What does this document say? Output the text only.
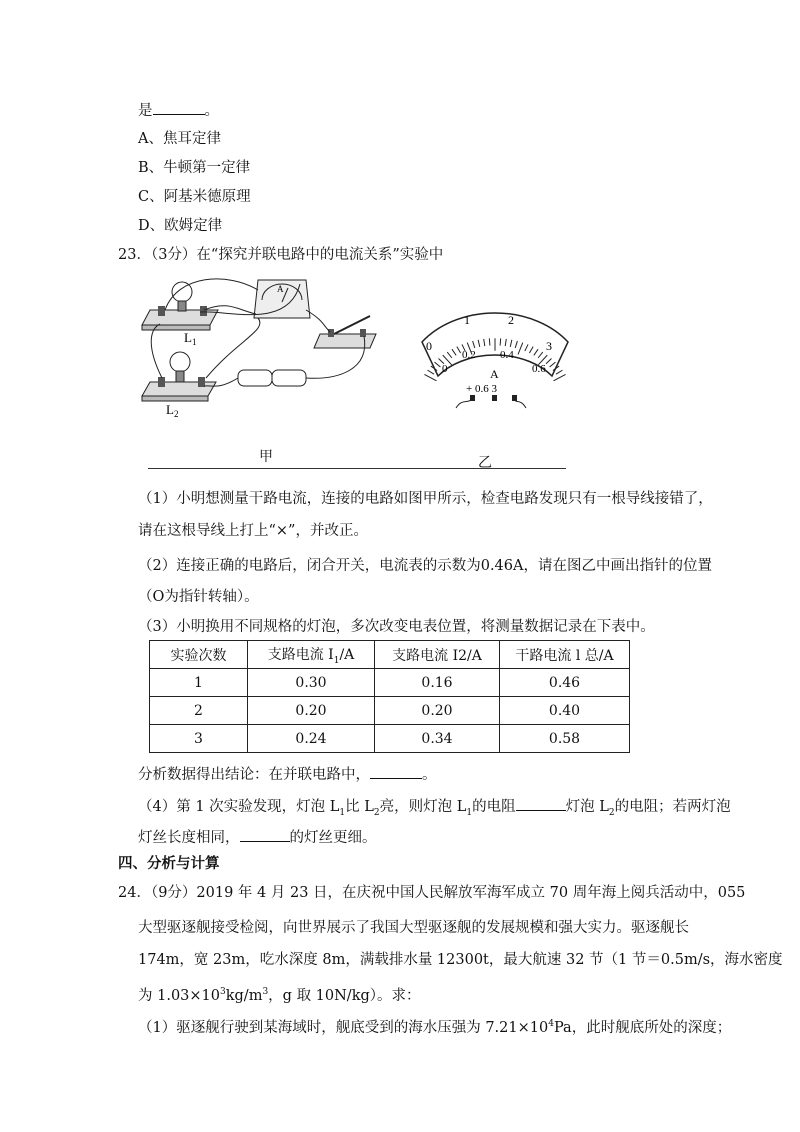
是	。
A、焦耳定律
B、牛顿第一定律
C、阿基米德原理
D、欧姆定律
23．（3分）在“探究并联电路中的电流关系”实验中
$L_1$
$L_2$
A
0
1	2
3
0
0.2 0.4
0.6
A
+ 0.6 3
甲	乙
（1）小明想测量干路电流，连接的电路如图甲所示，检查电路发现只有一根导线接错了，
请在这根导线上打上“×”，并改正。
（2）连接正确的电路后，闭合开关，电流表的示数为0.46A，请在图乙中画出指针的位置
（O为指针转轴）。
（3）小明换用不同规格的灯泡，多次改变电表位置，将测量数据记录在下表中。
实验次数	支路电流 $I_1/A$	支路电流 I2/A	干路电流 l 总/A
1	0.30	0.16	0.46
2	0.20	0.20	0.40
3	0.24	0.34	0.58
分析数据得出结论：在并联电路中，	。
（4）第 1 次实验发现，灯泡 $L_1$比 $L_2$亮，则灯泡 $L_1$的电阻	灯泡 $L_2$的电阻；若两灯泡
灯丝长度相同，	的灯丝更细。
四、分析与计算
24．（9分）2019 年 4 月 23 日，在庆祝中国人民解放军海军成立 70 周年海上阅兵活动中，055
大型驱逐舰接受检阅，向世界展示了我国大型驱逐舰的发展规模和强大实力。驱逐舰长
174m，宽 23m，吃水深度 8m，满载排水量 12300t，最大航速 32 节（1 节＝0.5m/s，海水密度
为 $1.03\times 10^3kg/m^3$，g 取 10N/kg）。求：
（1）驱逐舰行驶到某海域时，舰底受到的海水压强为 $7.21\times 10^4Pa$，此时舰底所处的深度；
